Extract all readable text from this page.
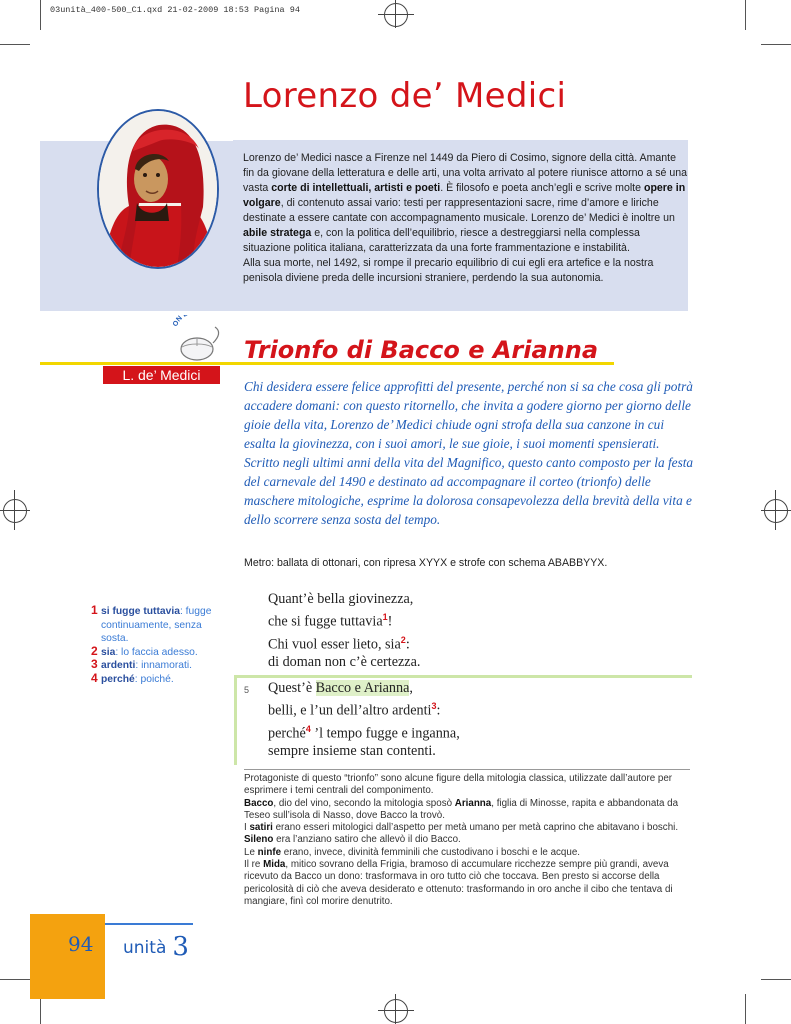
03unità_400-500_C1.qxd 21-02-2009 18:53 Pagina 94
Lorenzo de’ Medici

Lorenzo de’ Medici nasce a Firenze nel 1449 da Piero di Cosimo, signore della città. Amante fin da giovane della letteratura e delle arti, una volta arrivato al potere riunisce attorno a sé una vasta corte di intellettuali, artisti e poeti. È filosofo e poeta anch’egli e scrive molte opere in volgare, di contenuto assai vario: testi per rappresentazioni sacre, rime d’amore e liriche destinate a essere cantate con accompagnamento musicale. Lorenzo de’ Medici è inoltre un abile stratega e, con la politica dell’equilibrio, riesce a destreggiarsi nella complessa situazione politica italiana, caratterizzata da una forte frammentazione e instabilità.

Alla sua morte, nel 1492, si rompe il precario equilibrio di cui egli era artefice e la nostra penisola diviene preda delle incursioni straniere, perdendo la sua autonomia.

ON
L. de’ Medici
Trionfo di Bacco e Arianna

Chi desidera essere felice approfitti del presente, perché non si sa che cosa gli potrà accadere domani: con questo ritornello, che invita a godere giorno per giorno delle gioie della vita, Lorenzo de’ Medici chiude ogni strofa della sua canzone in cui esalta la giovinezza, con i suoi amori, le sue gioie, i suoi momenti spensierati.

Scritto negli ultimi anni della vita del Magnifico, questo canto composto per la festa del carnevale del 1490 e destinato ad accompagnare il corteo (trionfo) delle maschere mitologiche, esprime la dolorosa consapevolezza della brevità della vita e dello scorrere senza sosta del tempo.

Metro: ballata di ottonari, con ripresa XYYX e strofe con schema ABABBYYX.
1 si fugge tuttavia: fugge continuamente, senza sosta.
2 sia: lo faccia adesso.
3 ardenti: innamorati.
4 perché: poiché.
Quant’è bella giovinezza,
che si fugge tuttavia$^1$!
Chi vuol esser lieto, sia$^2$:
di doman non c’è certezza.
5 Quest’è Bacco e Arianna,
belli, e l’un dell’altro ardenti$^3$:
perché$^4$ ’l tempo fugge e inganna,
sempre insieme stan contenti.

Protagoniste di questo “trionfo” sono alcune figure della mitologia classica, utilizzate dall’autore per esprimere i temi centrali del componimento.

Bacco, dio del vino, secondo la mitologia sposò Arianna, figlia di Minosse, rapita e abbandonata da Teseo sull’isola di Nasso, dove Bacco la trovò.

I satiri erano esseri mitologici dall’aspetto per metà umano per metà caprino che abitavano i boschi. Sileno era l’anziano satiro che allevò il dio Bacco.

Le ninfe erano, invece, divinità femminili che custodivano i boschi e le acque.

Il re Mida, mitico sovrano della Frigia, bramoso di accumulare ricchezze sempre più grandi, aveva ricevuto da Bacco un dono: trasformava in oro tutto ciò che toccava. Ben presto si accorse della pericolosità di ciò che aveva desiderato e ottenuto: trasformando in oro anche il cibo che tentava di mangiare, finì col morire denutrito.

94 unità 3
